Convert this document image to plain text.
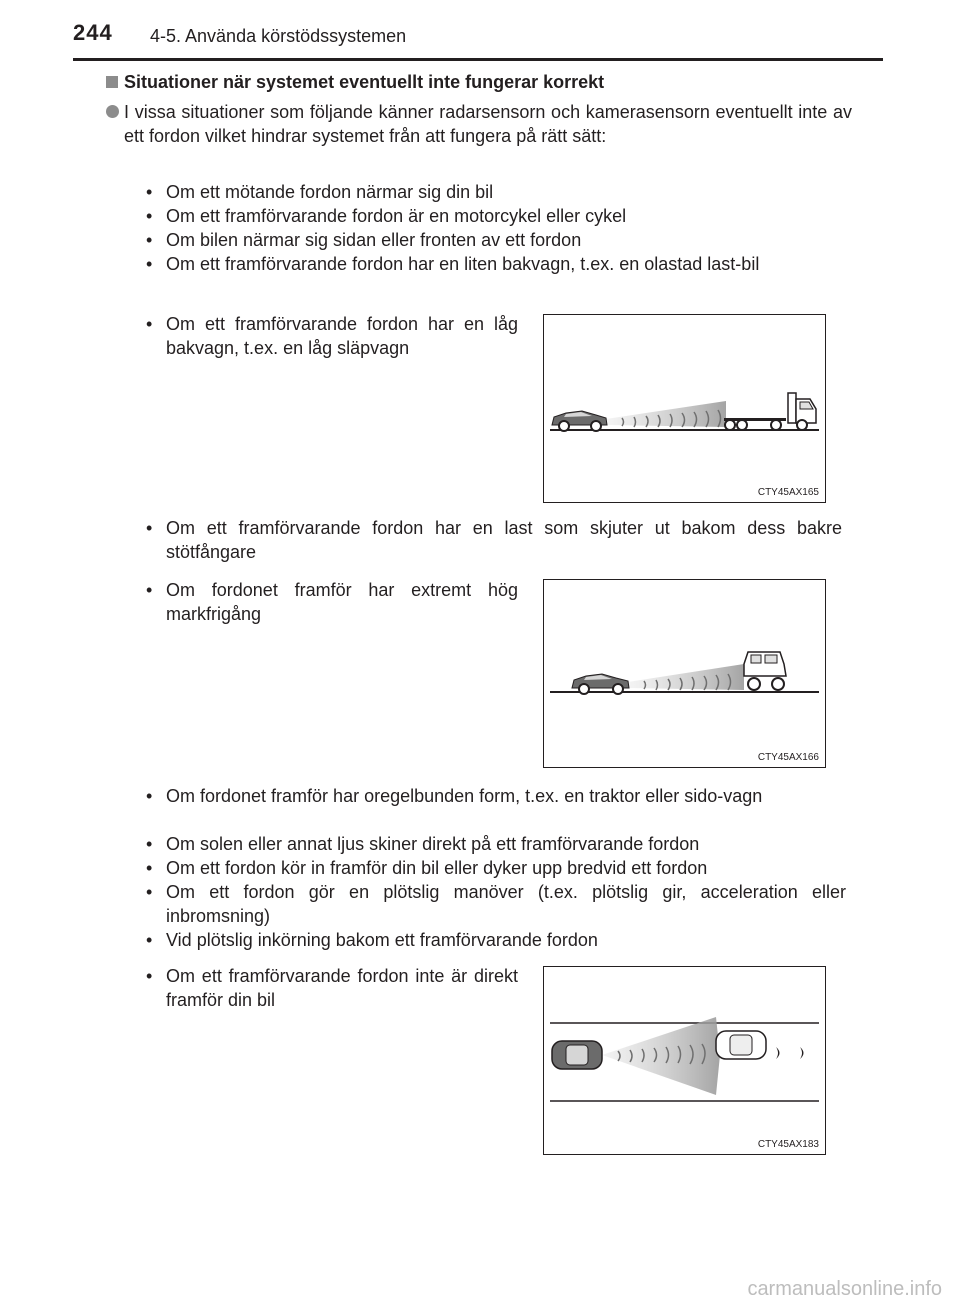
244 4-5. Använda körstödssystemen
Situationer när systemet eventuellt inte fungerar korrekt
I vissa situationer som följande känner radarsensorn och kamerasensorn eventuellt inte av ett fordon vilket hindrar systemet från att fungera på rätt sätt:
• Om ett mötande fordon närmar sig din bil
• Om ett framförvarande fordon är en motorcykel eller cykel
• Om bilen närmar sig sidan eller fronten av ett fordon
• Om ett framförvarande fordon har en liten bakvagn, t.ex. en olastad last-bil
• Om ett framförvarande fordon har en låg bakvagn, t.ex. en låg släpvagn
CTY45AX165
• Om ett framförvarande fordon har en last som skjuter ut bakom dess bakre stötfångare
• Om fordonet framför har extremt hög markfrigång
CTY45AX166
• Om fordonet framför har oregelbunden form, t.ex. en traktor eller sido-vagn
• Om solen eller annat ljus skiner direkt på ett framförvarande fordon
• Om ett fordon kör in framför din bil eller dyker upp bredvid ett fordon
• Om ett fordon gör en plötslig manöver (t.ex. plötslig gir, acceleration eller inbromsning)
• Vid plötslig inkörning bakom ett framförvarande fordon
• Om ett framförvarande fordon inte är direkt framför din bil
CTY45AX183
carmanualsonline.info
